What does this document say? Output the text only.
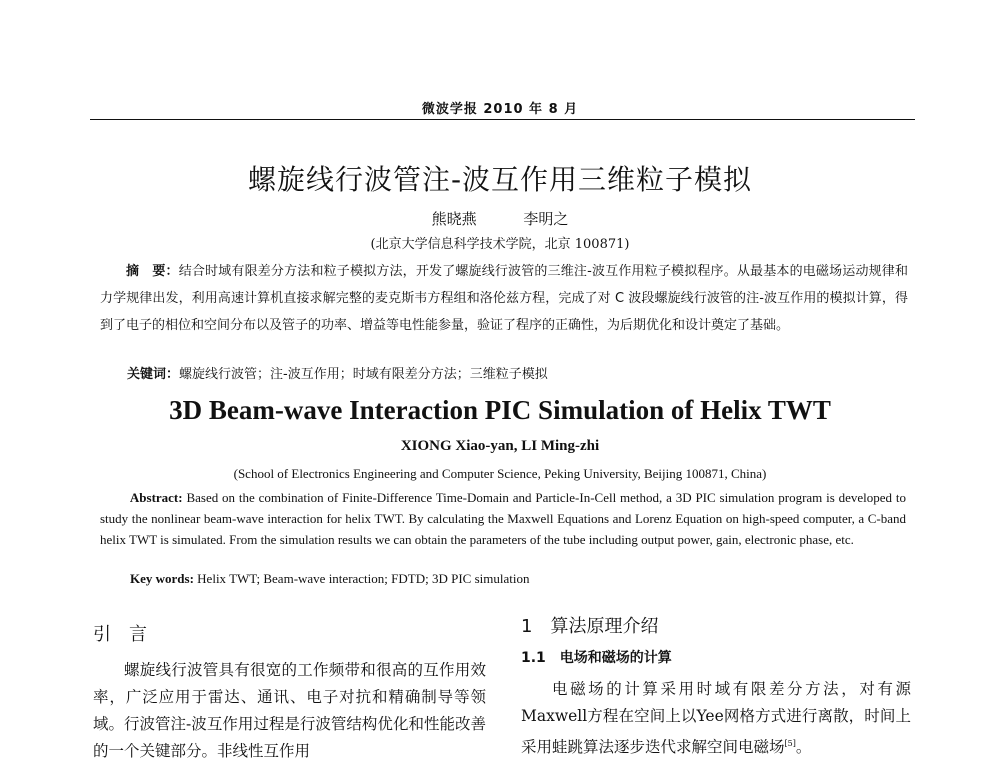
微波学报 2010 年 8 月
螺旋线行波管注-波互作用三维粒子模拟
熊晓燕	李明之
(北京大学信息科学技术学院，北京 100871)
摘　要：结合时域有限差分方法和粒子模拟方法，开发了螺旋线行波管的三维注-波互作用粒子模拟程序。从最基本的电磁场运动规律和力学规律出发，利用高速计算机直接求解完整的麦克斯韦方程组和洛伦兹方程，完成了对 C 波段螺旋线行波管的注-波互作用的模拟计算，得到了电子的相位和空间分布以及管子的功率、增益等电性能参量，验证了程序的正确性，为后期优化和设计奠定了基础。
关键词：螺旋线行波管；注-波互作用；时域有限差分方法；三维粒子模拟
3D Beam-wave Interaction PIC Simulation of Helix TWT
XIONG Xiao-yan, LI Ming-zhi
(School of Electronics Engineering and Computer Science, Peking University, Beijing 100871, China)
Abstract: Based on the combination of Finite-Difference Time-Domain and Particle-In-Cell method, a 3D PIC simulation program is developed to study the nonlinear beam-wave interaction for helix TWT. By calculating the Maxwell Equations and Lorenz Equation on high-speed computer, a C-band helix TWT is simulated. From the simulation results we can obtain the parameters of the tube including output power, gain, electronic phase, etc.
Key words: Helix TWT; Beam-wave interaction; FDTD; 3D PIC simulation
引言
螺旋线行波管具有很宽的工作频带和很高的互作用效率，广泛应用于雷达、通讯、电子对抗和精确制导等领域。行波管注-波互作用过程是行波管结构优化和性能改善的一个关键部分。非线性互作用
1　算法原理介绍
1.1　电场和磁场的计算
电磁场的计算采用时域有限差分方法，对有源Maxwell方程在空间上以Yee网格方式进行离散，时间上采用蛙跳算法逐步迭代求解空间电磁场[5]。
